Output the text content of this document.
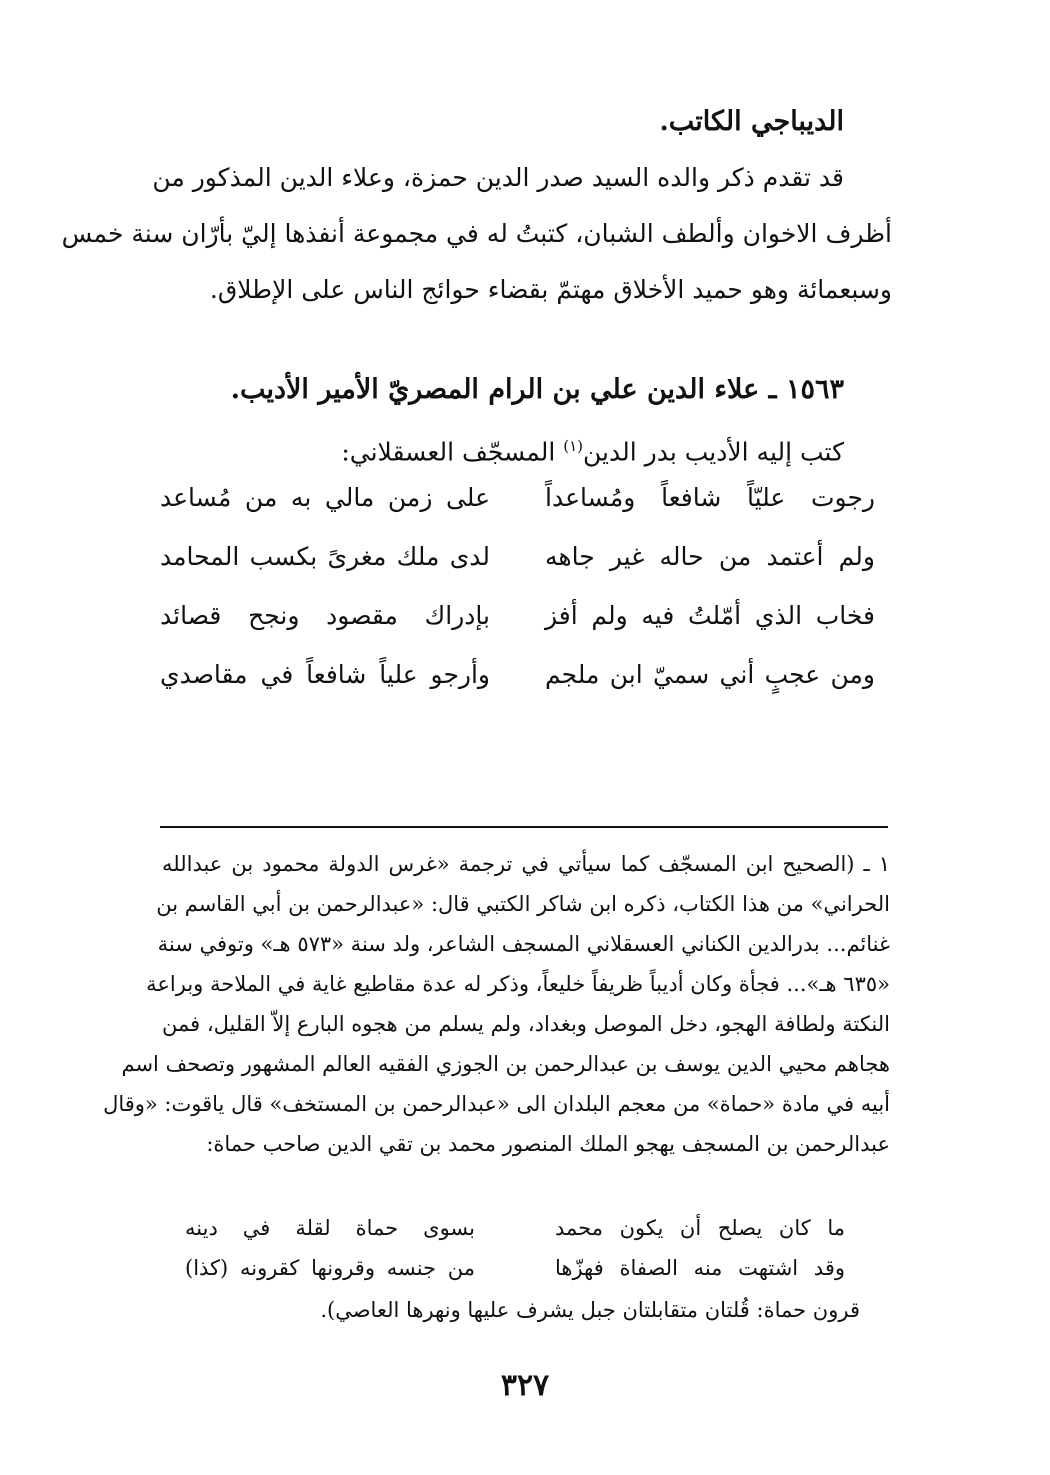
الديباجي الكاتب.

قد تقدم ذكر والده السيد صدر الدين حمزة، وعلاء الدين المذكور من

أظرف الاخوان وألطف الشبان، كتبتُ له في مجموعة أنفذها إليّ بأرّان سنة خمس

وسبعمائة وهو حميد الأخلاق مهتمّ بقضاء حوائج الناس على الإطلاق.

١٥٦٣ ـ علاء الدين علي بن الرام المصريّ الأمير الأديب.

كتب إليه الأديب بدر الدين$^{(١)}$ المسجّف العسقلاني:

رجوت عليّاً شافعاً ومُساعداً
على زمن مالي به من مُساعد
ولم أعتمد من حاله غير جاهه
لدى ملك مغرىً بكسب المحامد
فخاب الذي أمّلتُ فيه ولم أفز
بإدراك مقصود ونجح قصائد
ومن عجبٍ أني سميّ ابن ملجم
وأرجو علياً شافعاً في مقاصدي

١ ـ (الصحيح ابن المسجّف كما سيأتي في ترجمة «غرس الدولة محمود بن عبدالله

الحراني» من هذا الكتاب، ذكره ابن شاكر الكتبي قال: «عبدالرحمن بن أبي القاسم بن

غنائم... بدرالدين الكناني العسقلاني المسجف الشاعر، ولد سنة «٥٧٣ هـ» وتوفي سنة

«٦٣٥ هـ»... فجأة وكان أديباً ظريفاً خليعاً، وذكر له عدة مقاطيع غاية في الملاحة وبراعة

النكتة ولطافة الهجو، دخل الموصل وبغداد، ولم يسلم من هجوه البارع إلاّ القليل، فمن

هجاهم محيي الدين يوسف بن عبدالرحمن بن الجوزي الفقيه العالم المشهور وتصحف اسم

أبيه في مادة «حماة» من معجم البلدان الى «عبدالرحمن بن المستخف» قال ياقوت: «وقال

عبدالرحمن بن المسجف يهجو الملك المنصور محمد بن تقي الدين صاحب حماة:

ما كان يصلح أن يكون محمد
بسوى حماة لقلة في دينه
وقد اشتهت منه الصفاة فهزّها
من جنسه وقرونها كقرونه (كذا)

قرون حماة: قُلتان متقابلتان جبل يشرف عليها ونهرها العاصي).

٣٢٧
